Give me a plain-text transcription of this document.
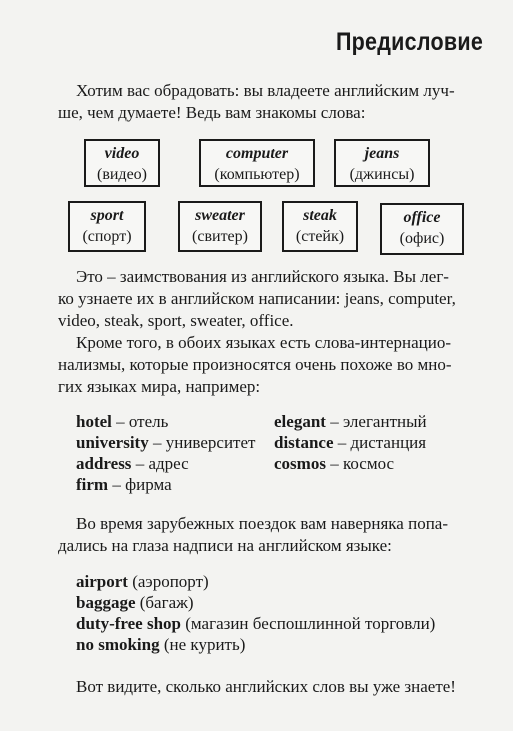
Предисловие
Хотим вас обрадовать: вы владеете английским луч-
ше, чем думаете! Ведь вам знакомы слова:
video
(видео)
computer
(компьютер)
jeans
(джинсы)
sport
(спорт)
sweater
(свитер)
steak
(стейк)
office
(офис)
Это – заимствования из английского языка. Вы лег-
ко узнаете их в английском написании: jeans, computer,
video, steak, sport, sweater, office.
Кроме того, в обоих языках есть слова-интернацио-
нализмы, которые произносятся очень похоже во мно-
гих языках мира, например:
hotel – отель
university – университет
address – адрес
firm – фирма
elegant – элегантный
distance – дистанция
cosmos – космос
Во время зарубежных поездок вам наверняка попа-
дались на глаза надписи на английском языке:
airport (аэропорт)
baggage (багаж)
duty-free shop (магазин беспошлинной торговли)
no smoking (не курить)
Вот видите, сколько английских слов вы уже знаете!
